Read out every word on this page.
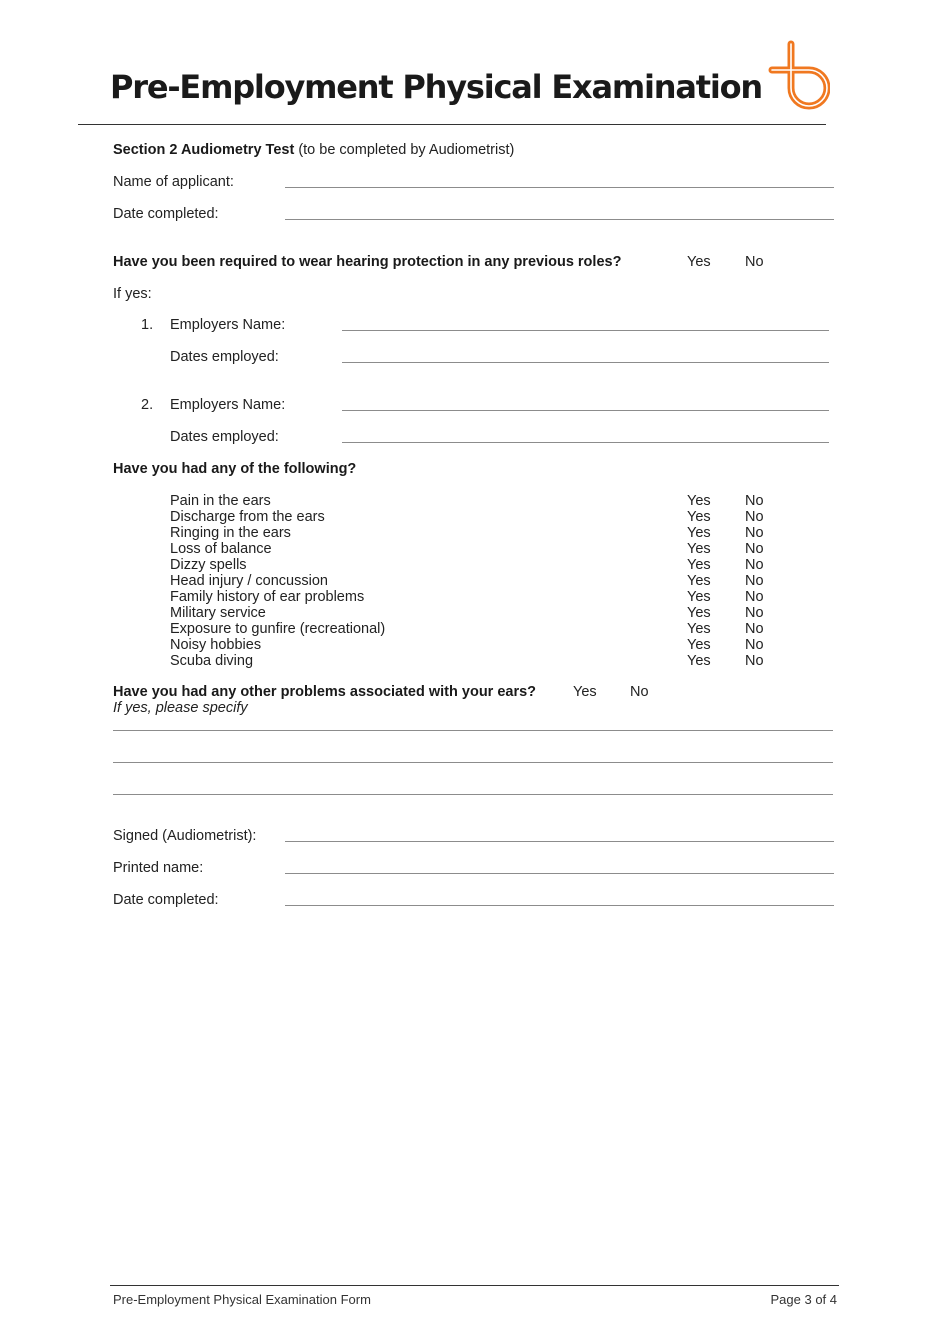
Pre-Employment Physical Examination
Section 2 Audiometry Test (to be completed by Audiometrist)
Name of applicant:
Date completed:
Have you been required to wear hearing protection in any previous roles?	Yes No
If yes:
1. Employers Name:
Dates employed:
2. Employers Name:
Dates employed:
Have you had any of the following?
Pain in the ears	Yes No
Discharge from the ears	Yes No
Ringing in the ears	Yes No
Loss of balance	Yes No
Dizzy spells	Yes No
Head injury / concussion	Yes No
Family history of ear problems	Yes No
Military service	Yes No
Exposure to gunfire (recreational)	Yes No
Noisy hobbies	Yes No
Scuba diving	Yes No
Have you had any other problems associated with your ears?	Yes No
If yes, please specify
Signed (Audiometrist):
Printed name:
Date completed:
Pre-Employment Physical Examination Form	Page 3 of 4
